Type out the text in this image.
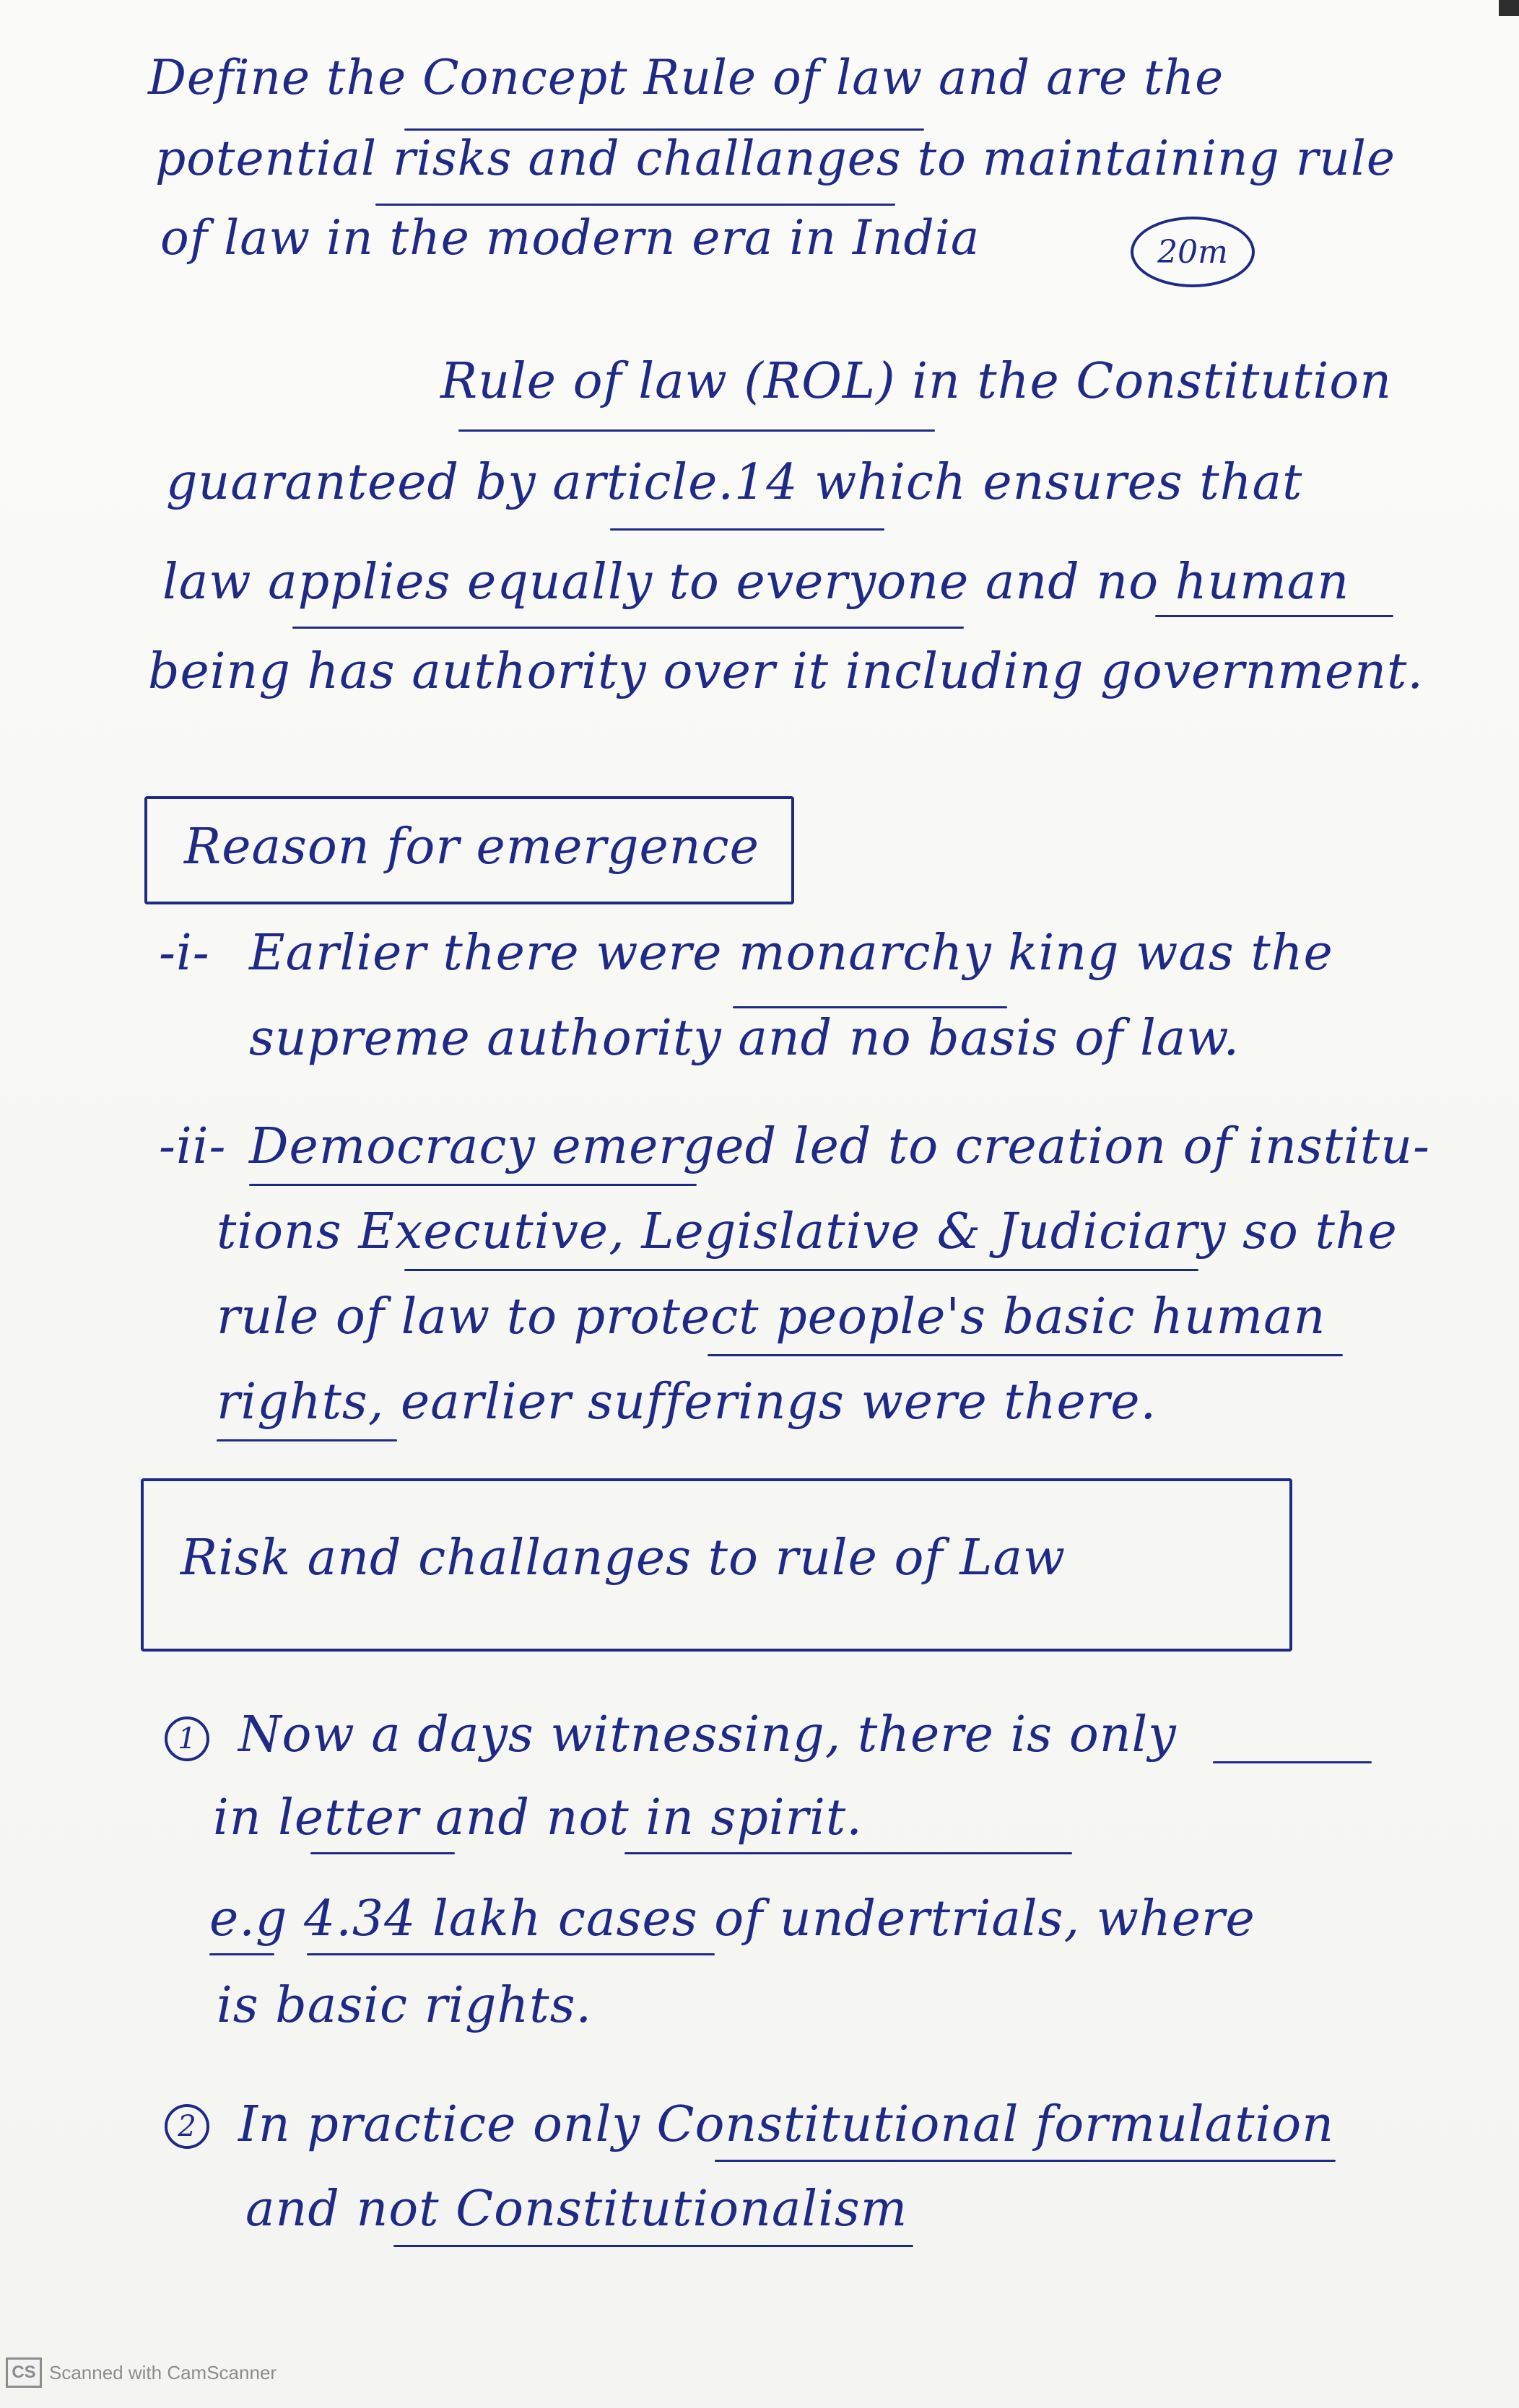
Define the Concept Rule of law and are the
potential risks and challanges to maintaining rule
of law in the modern era in India	20m
Rule of law (ROL) in the Constitution
guaranteed by article.14 which ensures that
law applies equally to everyone and no human
being has authority over it including government.
Reason for emergence
-i- Earlier there were monarchy king was the
supreme authority and no basis of law.
-ii- Democracy emerged led to creation of institu-
tions Executive, Legislative & Judiciary so the
rule of law to protect people's basic human
rights, earlier sufferings were there.
Risk and challanges to rule of Law
1 Now a days witnessing, there is only
in letter and not in spirit.
e.g 4.34 lakh cases of undertrials, where
is basic rights.
2 In practice only Constitutional formulation
and not Constitutionalism
CS Scanned with CamScanner
